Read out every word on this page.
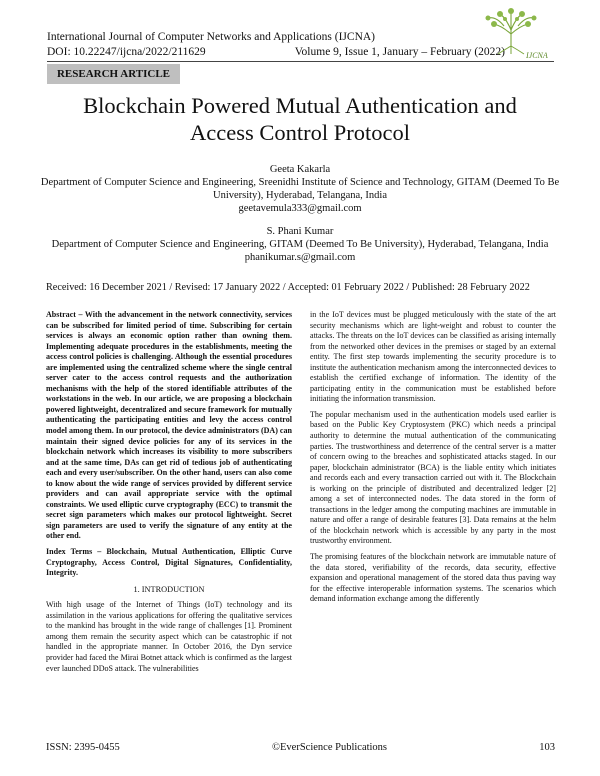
International Journal of Computer Networks and Applications (IJCNA)
DOI: 10.22247/ijcna/2022/211629	Volume 9, Issue 1, January – February (2022)	IJCNA
RESEARCH ARTICLE
Blockchain Powered Mutual Authentication and
Access Control Protocol
Geeta Kakarla
Department of Computer Science and Engineering, Sreenidhi Institute of Science and Technology, GITAM (Deemed To Be University), Hyderabad, Telangana, India
geetavemula333@gmail.com
S. Phani Kumar
Department of Computer Science and Engineering, GITAM (Deemed To Be University), Hyderabad, Telangana, India
phanikumar.s@gmail.com
Received: 16 December 2021 / Revised: 17 January 2022 / Accepted: 01 February 2022 / Published: 28 February 2022

Abstract – With the advancement in the network connectivity, services can be subscribed for limited period of time. Subscribing for certain services is always an economic option rather than owning them. Implementing adequate procedures in the establishments, meeting the access control policies is challenging. Although the essential procedures are implemented using the centralized scheme where the single central server cater to the access control requests and the authorization mechanisms with the help of the stored identifiable attributes of the workstations in the web. In our article, we are proposing a blockchain powered lightweight, decentralized and secure framework for mutually authenticating the participating entities and levy the access control model among them. In our protocol, the device administrators (DA) can maintain their signed device policies for any of its services in the blockchain network which increases its visibility to more subscribers and at the same time, DAs can get rid of tedious job of authenticating each and every user/subscriber. On the other hand, users can also come to know about the wide range of services provided by different service providers and can avail appropriate service with the optimal constraints. We used elliptic curve cryptography (ECC) to transmit the secret sign parameters which makes our protocol lightweight. Secret sign parameters are used to verify the signature of any entity at the other end.

Index Terms – Blockchain, Mutual Authentication, Elliptic Curve Cryptography, Access Control, Digital Signatures, Confidentiality, Integrity.

1. INTRODUCTION

With high usage of the Internet of Things (IoT) technology and its assimilation in the various applications for offering the qualitative services to the mankind has brought in the wide range of challenges [1]. Prominent among them remain the security aspect which can be catastrophic if not handled in the appropriate manner. In October 2016, the Dyn service provider had faced the Mirai Botnet attack which is confirmed as the largest ever launched DDoS attack. The vulnerabilities

in the IoT devices must be plugged meticulously with the state of the art security mechanisms which are light-weight and robust to counter the attacks. The threats on the IoT devices can be classified as arising internally from the networked other devices in the premises or staged by an external entity. The first step towards implementing the security procedure is to institute the authentication mechanism among the interconnected devices to establish the certified exchange of information. The identity of the participating entity in the communication must be established before initiating the information transmission.

The popular mechanism used in the authentication models used earlier is based on the Public Key Cryptosystem (PKC) which needs a principal authority to determine the mutual authentication of the communicating parties. The trustworthiness and deterrence of the central server is a matter of concern owing to the breaches and sophisticated attacks staged. In our paper, blockchain administrator (BCA) is the liable entity which initiates and records each and every transaction carried out with it. The Blockchain is working on the principle of distributed and decentralized ledger [2] among a set of interconnected nodes. The data stored in the form of transactions in the ledger among the computing machines are immutable in nature and offer a range of desirable features [3]. Data remains at the helm of the blockchain network which is accessible by any party in the most trustworthy environment.

The promising features of the blockchain network are immutable nature of the data stored, verifiability of the records, data security, effective expansion and operational management of the stored data thus paving way for the effective interoperable information systems. The scenarios which demand information exchange among the differently

ISSN: 2395-0455	©EverScience Publications	103
